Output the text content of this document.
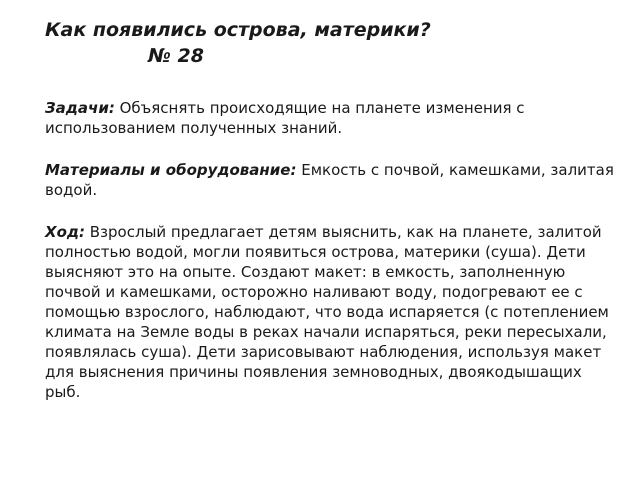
Как появились острова, материки?
№ 28

Задачи: Объяснять происходящие на планете изменения с использованием полученных знаний.

Материалы и оборудование: Емкость с почвой, камешками, залитая водой.

Ход: Взрослый предлагает детям выяснить, как на планете, залитой полностью водой, могли появиться острова, материки (суша). Дети выясняют это на опыте. Создают макет: в емкость, заполненную почвой и камешками, осторожно наливают воду, подогревают ее с помощью взрослого, наблюдают, что вода испаряется (с потеплением климата на Земле воды в реках начали испаряться, реки пересыхали, появлялась суша). Дети зарисовывают наблюдения, используя макет для выяснения причины появления земноводных, двоякодышащих рыб.
